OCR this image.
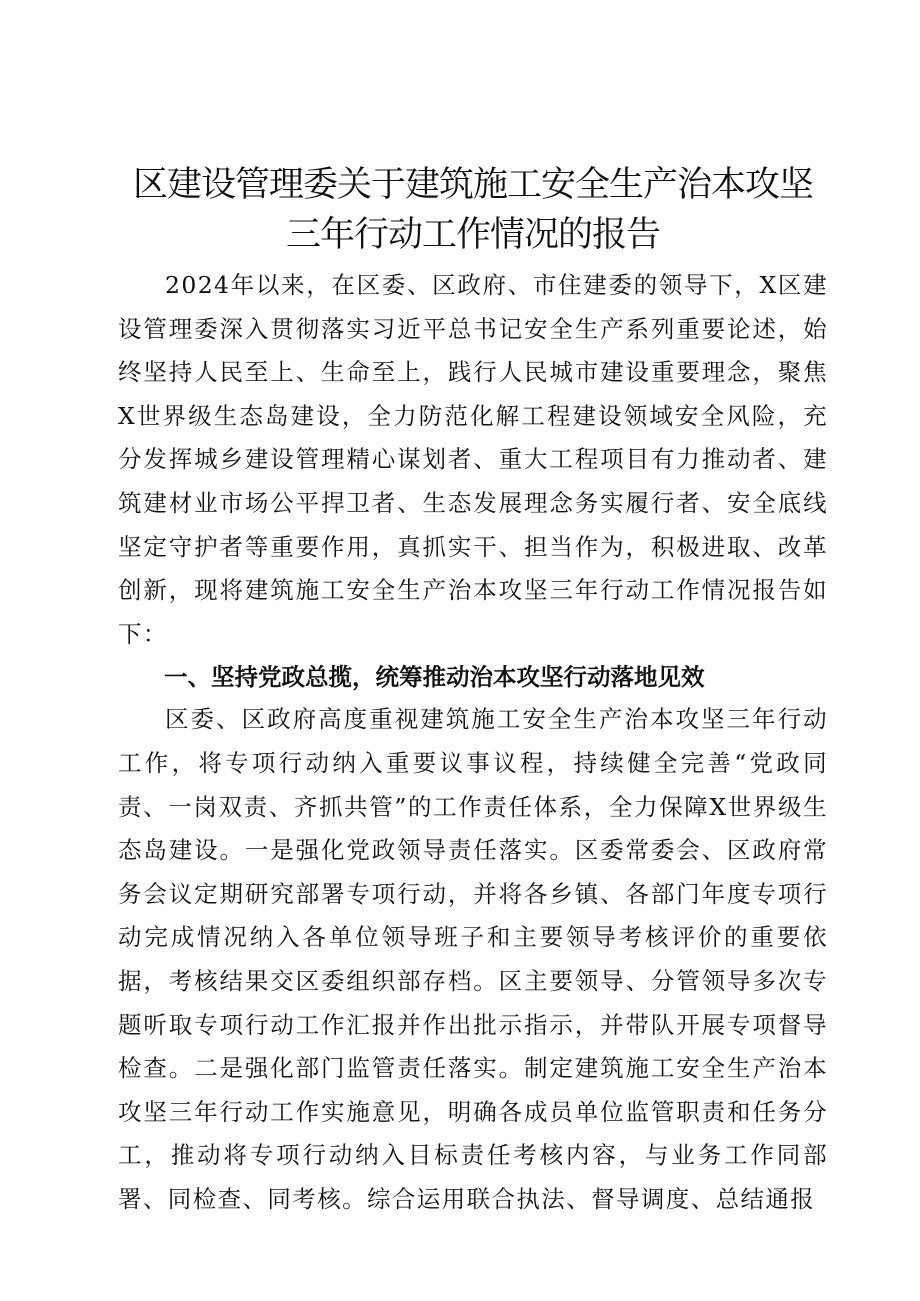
区建设管理委关于建筑施工安全生产治本攻坚
三年行动工作情况的报告

2024年以来，在区委、区政府、市住建委的领导下，X区建设管理委深入贯彻落实习近平总书记安全生产系列重要论述，始终坚持人民至上、生命至上，践行人民城市建设重要理念，聚焦X世界级生态岛建设，全力防范化解工程建设领域安全风险，充分发挥城乡建设管理精心谋划者、重大工程项目有力推动者、建筑建材业市场公平捍卫者、生态发展理念务实履行者、安全底线坚定守护者等重要作用，真抓实干、担当作为，积极进取、改革创新，现将建筑施工安全生产治本攻坚三年行动工作情况报告如下：

一、坚持党政总揽，统筹推动治本攻坚行动落地见效

区委、区政府高度重视建筑施工安全生产治本攻坚三年行动工作，将专项行动纳入重要议事议程，持续健全完善“党政同责、一岗双责、齐抓共管”的工作责任体系，全力保障X世界级生态岛建设。一是强化党政领导责任落实。区委常委会、区政府常务会议定期研究部署专项行动，并将各乡镇、各部门年度专项行动完成情况纳入各单位领导班子和主要领导考核评价的重要依据，考核结果交区委组织部存档。区主要领导、分管领导多次专题听取专项行动工作汇报并作出批示指示，并带队开展专项督导检查。二是强化部门监管责任落实。制定建筑施工安全生产治本攻坚三年行动工作实施意见，明确各成员单位监管职责和任务分工，推动将专项行动纳入目标责任考核内容，与业务工作同部署、同检查、同考核。综合运用联合执法、督导调度、总结通报
